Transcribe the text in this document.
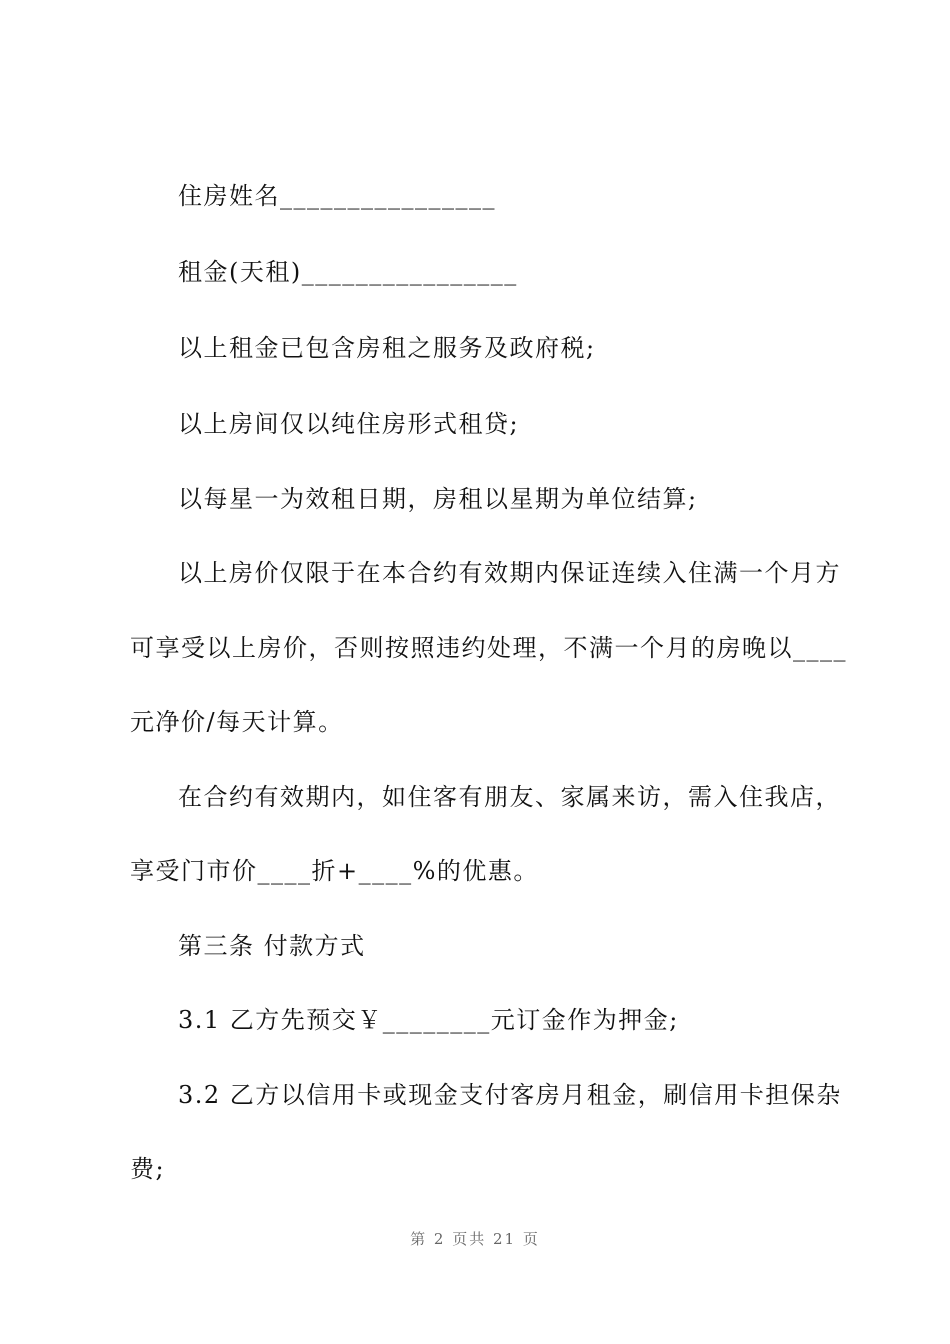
住房姓名________________
租金(天租)________________
以上租金已包含房租之服务及政府税;
以上房间仅以纯住房形式租贷;
以每星一为效租日期，房租以星期为单位结算;
以上房价仅限于在本合约有效期内保证连续入住满一个月方
可享受以上房价，否则按照违约处理，不满一个月的房晚以____
元净价/每天计算。
在合约有效期内，如住客有朋友、家属来访，需入住我店，
享受门市价____折+____%的优惠。
第三条 付款方式
3.1 乙方先预交￥________元订金作为押金;
3.2 乙方以信用卡或现金支付客房月租金，刷信用卡担保杂
费;
第 2 页共 21 页
